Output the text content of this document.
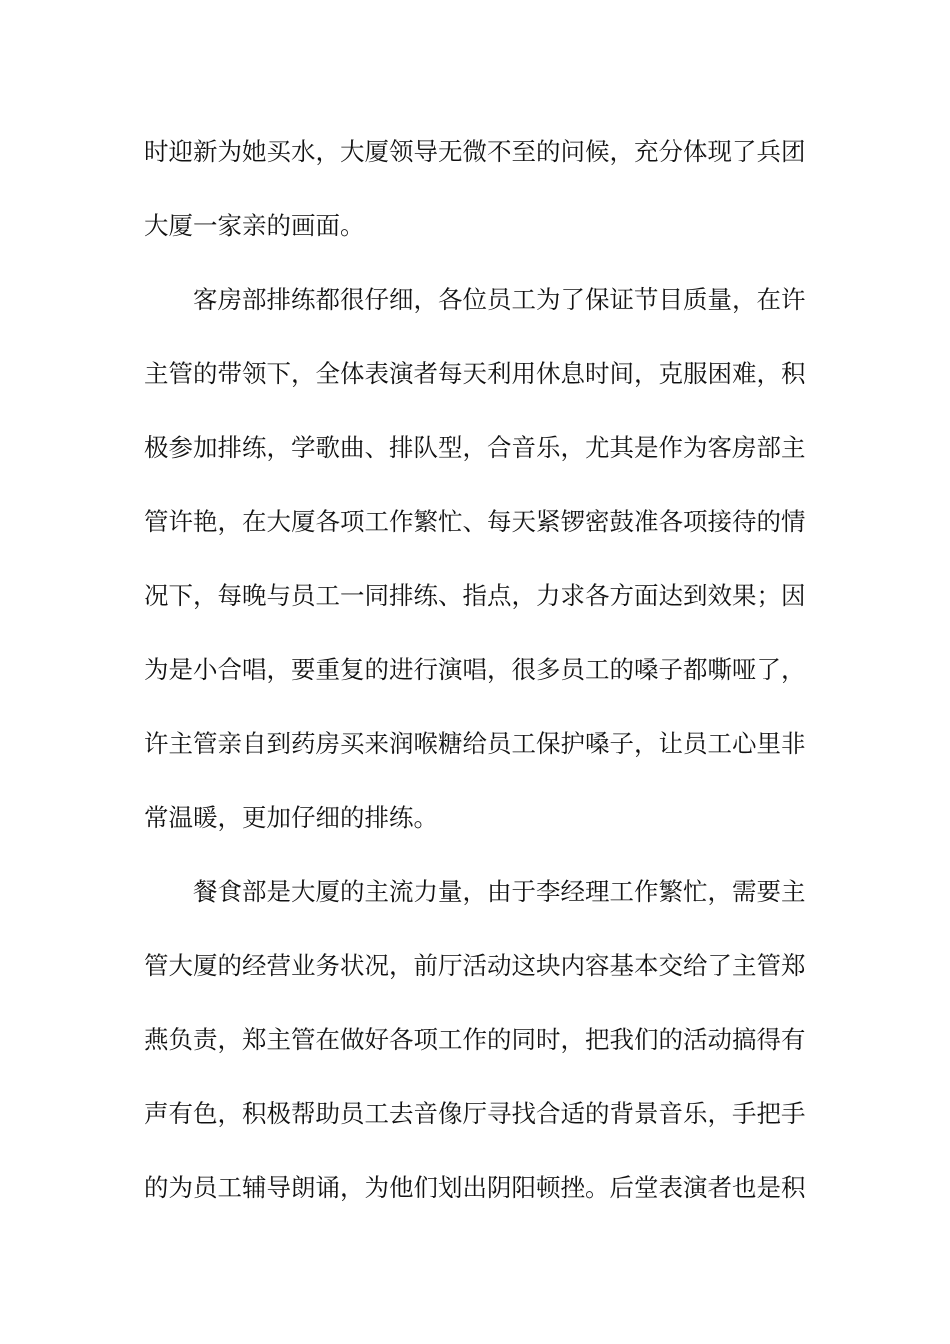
时迎新为她买水，大厦领导无微不至的问候，充分体现了兵团
大厦一家亲的画面。
客房部排练都很仔细，各位员工为了保证节目质量，在许
主管的带领下，全体表演者每天利用休息时间，克服困难，积
极参加排练，学歌曲、排队型，合音乐，尤其是作为客房部主
管许艳，在大厦各项工作繁忙、每天紧锣密鼓准各项接待的情
况下，每晚与员工一同排练、指点，力求各方面达到效果；因
为是小合唱，要重复的进行演唱，很多员工的嗓子都嘶哑了，
许主管亲自到药房买来润喉糖给员工保护嗓子，让员工心里非
常温暖，更加仔细的排练。
餐食部是大厦的主流力量，由于李经理工作繁忙，需要主
管大厦的经营业务状况，前厅活动这块内容基本交给了主管郑
燕负责，郑主管在做好各项工作的同时，把我们的活动搞得有
声有色，积极帮助员工去音像厅寻找合适的背景音乐，手把手
的为员工辅导朗诵，为他们划出阴阳顿挫。后堂表演者也是积
